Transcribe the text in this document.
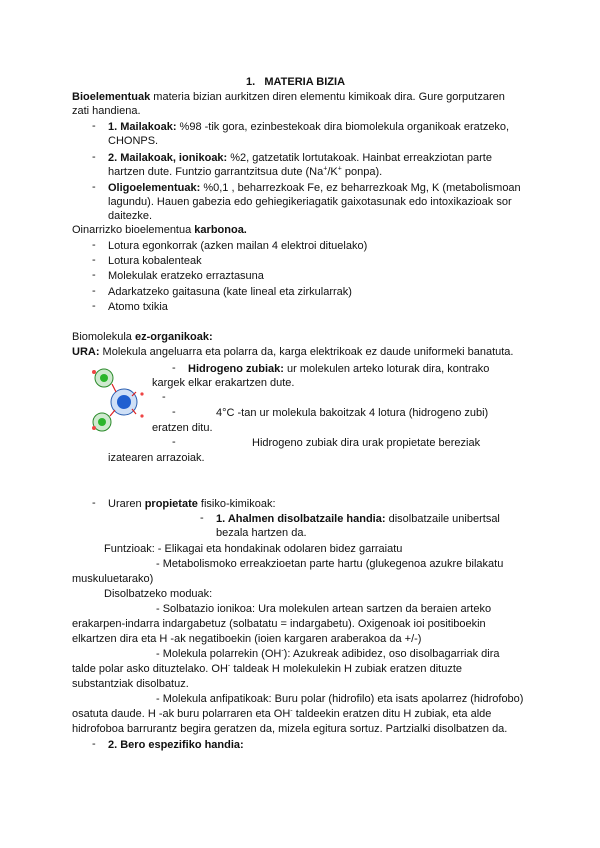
1. MATERIA BIZIA
Bioelementuak materia bizian aurkitzen diren elementu kimikoak dira. Gure gorputzaren
zati handiena.
- 1. Mailakoak: %98 -tik gora, ezinbestekoak dira biomolekula organikoak eratzeko,
CHONPS.
- 2. Mailakoak, ionikoak: %2, gatzetatik lortutakoak. Hainbat erreakziotan parte
hartzen dute. Funtzio garrantzitsua dute (Na+/K+ ponpa).
- Oligoelementuak: %0,1 , beharrezkoak Fe, ez beharrezkoak Mg, K (metabolismoan
lagundu). Hauen gabezia edo gehiegikeriagatik gaixotasunak edo intoxikazioak sor
daitezke.
Oinarrizko bioelementua karbonoa.
- Lotura egonkorrak (azken mailan 4 elektroi dituelako)
- Lotura kobalenteak
- Molekulak eratzeko erraztasuna
- Adarkatzeko gaitasuna (kate lineal eta zirkularrak)
- Atomo txikia
Biomolekula ez-organikoak:
URA: Molekula angeluarra eta polarra da, karga elektrikoak ez daude uniformeki banatuta.
- Hidrogeno zubiak: ur molekulen arteko loturak dira, kontrako
kargek elkar erakartzen dute.
-
-	4°C -tan ur molekula bakoitzak 4 lotura (hidrogeno zubi)
eratzen ditu.
-	Hidrogeno zubiak dira urak propietate bereziak
izatearen arrazoiak.
- Uraren propietate fisiko-kimikoak:
- 1. Ahalmen disolbatzaile handia: disolbatzaile unibertsal
bezala hartzen da.
Funtzioak: - Elikagai eta hondakinak odolaren bidez garraiatu
- Metabolismoko erreakzioetan parte hartu (glukegenoa azukre bilakatu
muskuluetarako)
Disolbatzeko moduak:
- Solbatazio ionikoa: Ura molekulen artean sartzen da beraien arteko
erakarpen-indarra indargabetuz (solbatatu = indargabetu). Oxigenoak ioi positiboekin
elkartzen dira eta H -ak negatiboekin (ioien kargaren araberakoa da +/-)
- Molekula polarrekin (OH-): Azukreak adibidez, oso disolbagarriak dira
talde polar asko dituztelako. OH- taldeak H molekulekin H zubiak eratzen dituzte
substantziak disolbatuz.
- Molekula anfipatikoak: Buru polar (hidrofilo) eta isats apolarrez (hidrofobo)
osatuta daude. H -ak buru polarraren eta OH- taldeekin eratzen ditu H zubiak, eta alde
hidrofoboa barrurantz begira geratzen da, mizela egitura sortuz. Partzialki disolbatzen da.
- 2. Bero espezifiko handia:
